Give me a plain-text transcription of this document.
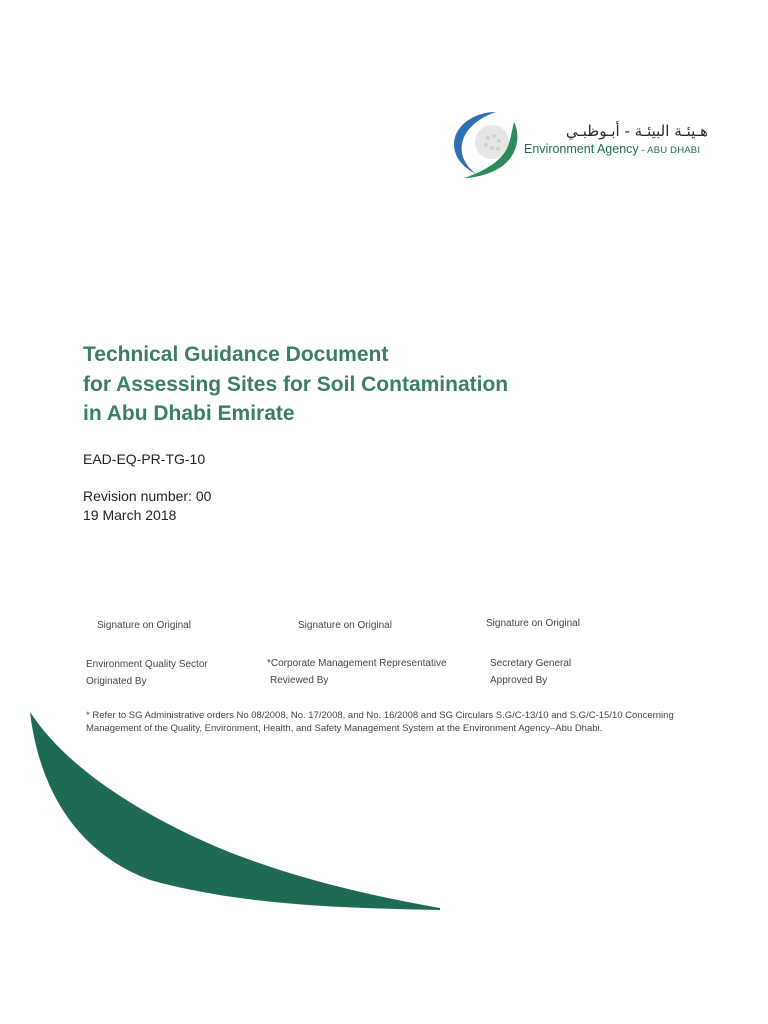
هـيئـة البيئـة - أبـوظبـي
Environment Agency - ABU DHABI
Technical Guidance Document
for Assessing Sites for Soil Contamination
in Abu Dhabi Emirate
EAD-EQ-PR-TG-10
Revision number: 00
19 March 2018
Signature on Original	Signature on Original	Signature on Original
Environment Quality Sector
Originated By
*Corporate Management Representative
Reviewed By
Secretary General
Approved By
* Refer to SG Administrative orders No 08/2008, No. 17/2008, and No. 16/2008 and SG Circulars S.G/C-13/10 and S.G/C-15/10 Concerning Management of the Quality, Environment, Health, and Safety Management System at the Environment Agency–Abu Dhabi.
